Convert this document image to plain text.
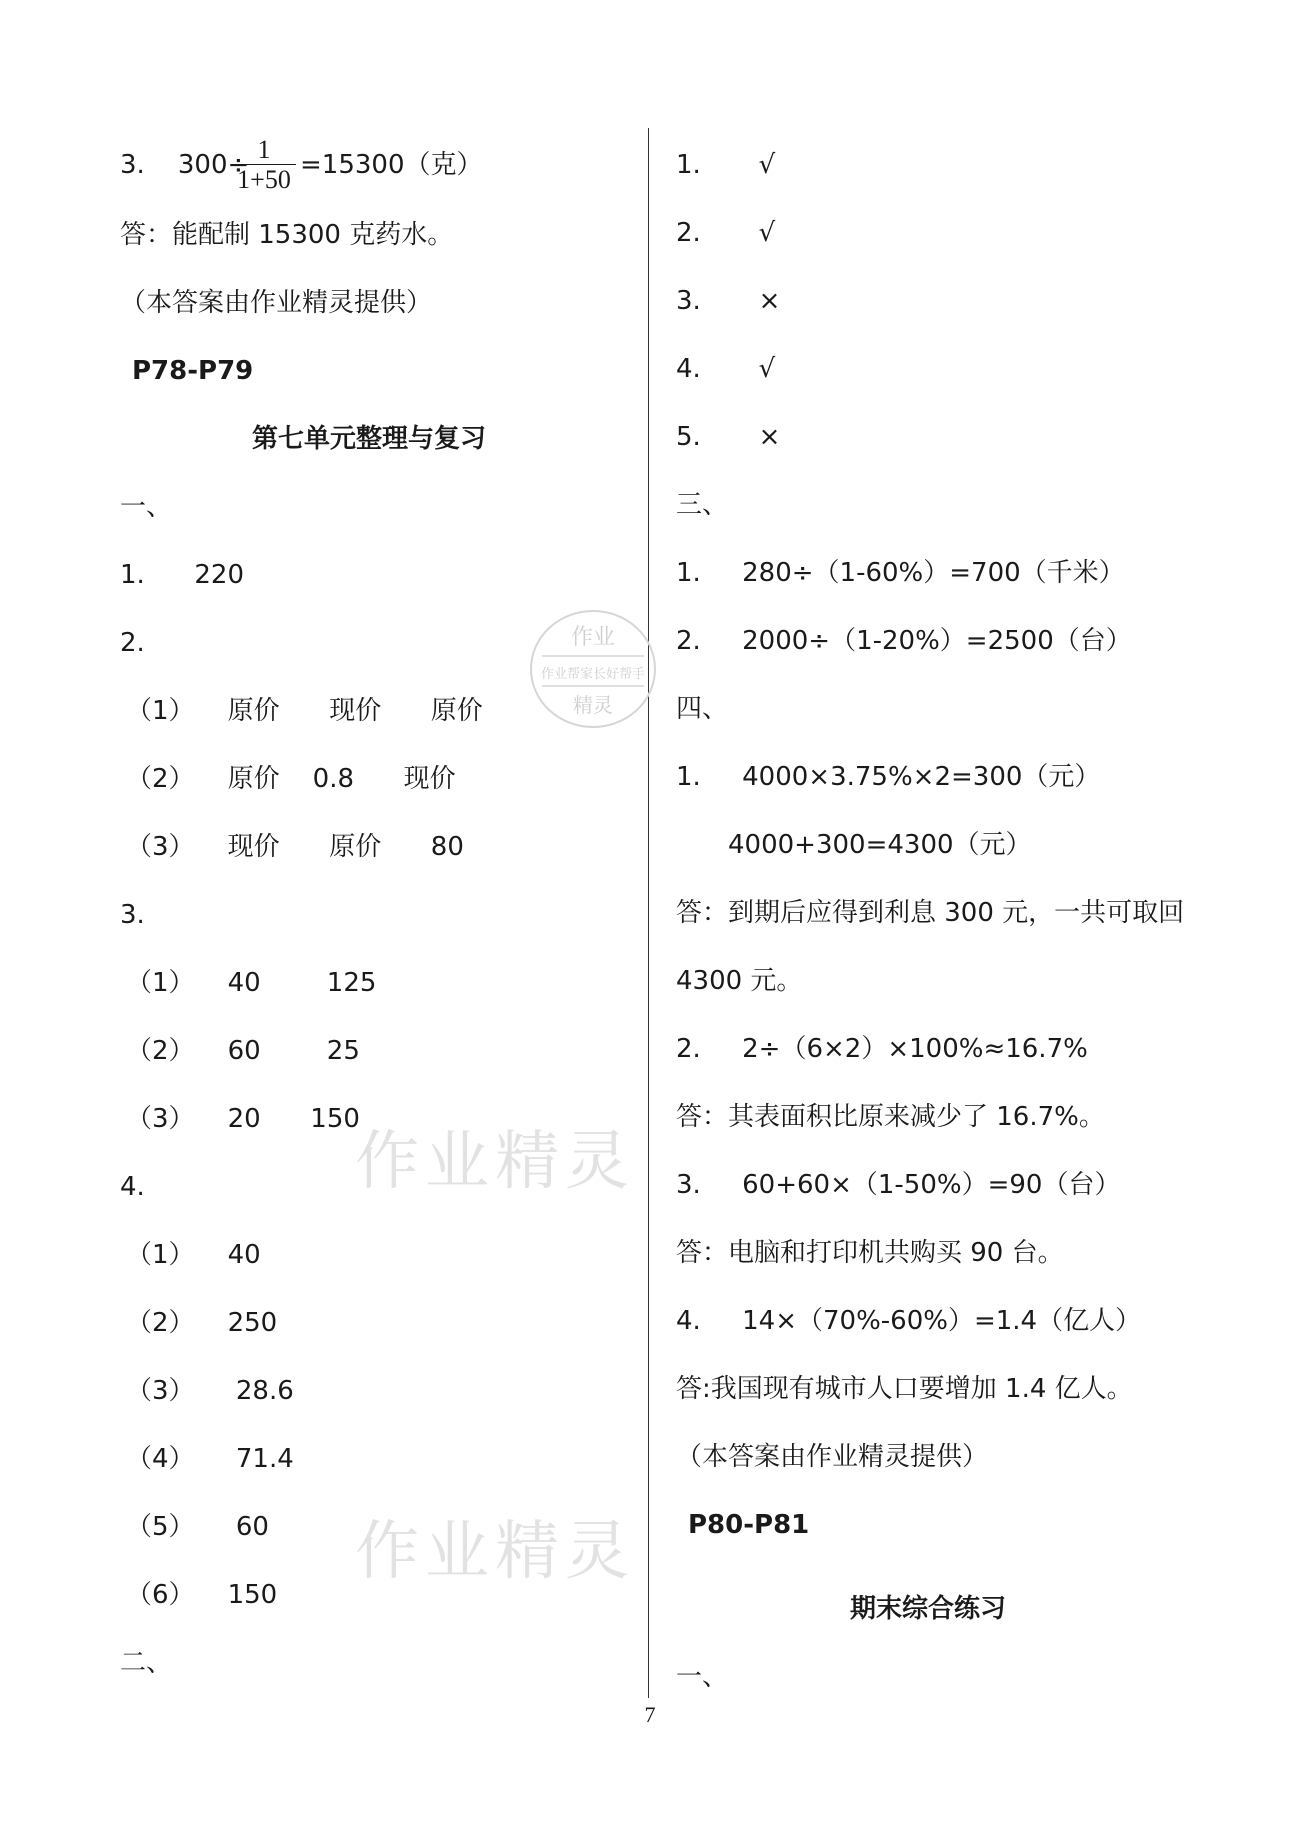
3.    300÷
1
1+50 =15300（克）
答：能配制 15300 克药水。
（本答案由作业精灵提供）
P78-P79
第七单元整理与复习
一、
1.      220
2.
（1）    原价      现价      原价
（2）    原价    0.8      现价
（3）    现价      原价      80
3.
（1）    40        125
（2）    60        25
（3）    20      150
4.
（1）    40
（2）    250
（3）     28.6
（4）     71.4
（5）     60
（6）    150
二、
1.       √
2.       √
3.       ×
4.       √
5.       ×
三、
1.     280÷（1-60%）=700（千米）
2.     2000÷（1-20%）=2500（台）
四、
1.     4000×3.75%×2=300（元）
4000+300=4300（元）
答：到期后应得到利息 300 元，一共可取回
4300 元。
2.     2÷（6×2）×100%≈16.7%
答：其表面积比原来减少了 16.7%。
3.     60+60×（1-50%）=90（台）
答：电脑和打印机共购买 90 台。
4.     14×（70%-60%）=1.4（亿人）
答:我国现有城市人口要增加 1.4 亿人。
（本答案由作业精灵提供）
P80-P81
期末综合练习
一、
作业精灵
作业精灵
作业
作业帮家长好帮手
精灵
7
